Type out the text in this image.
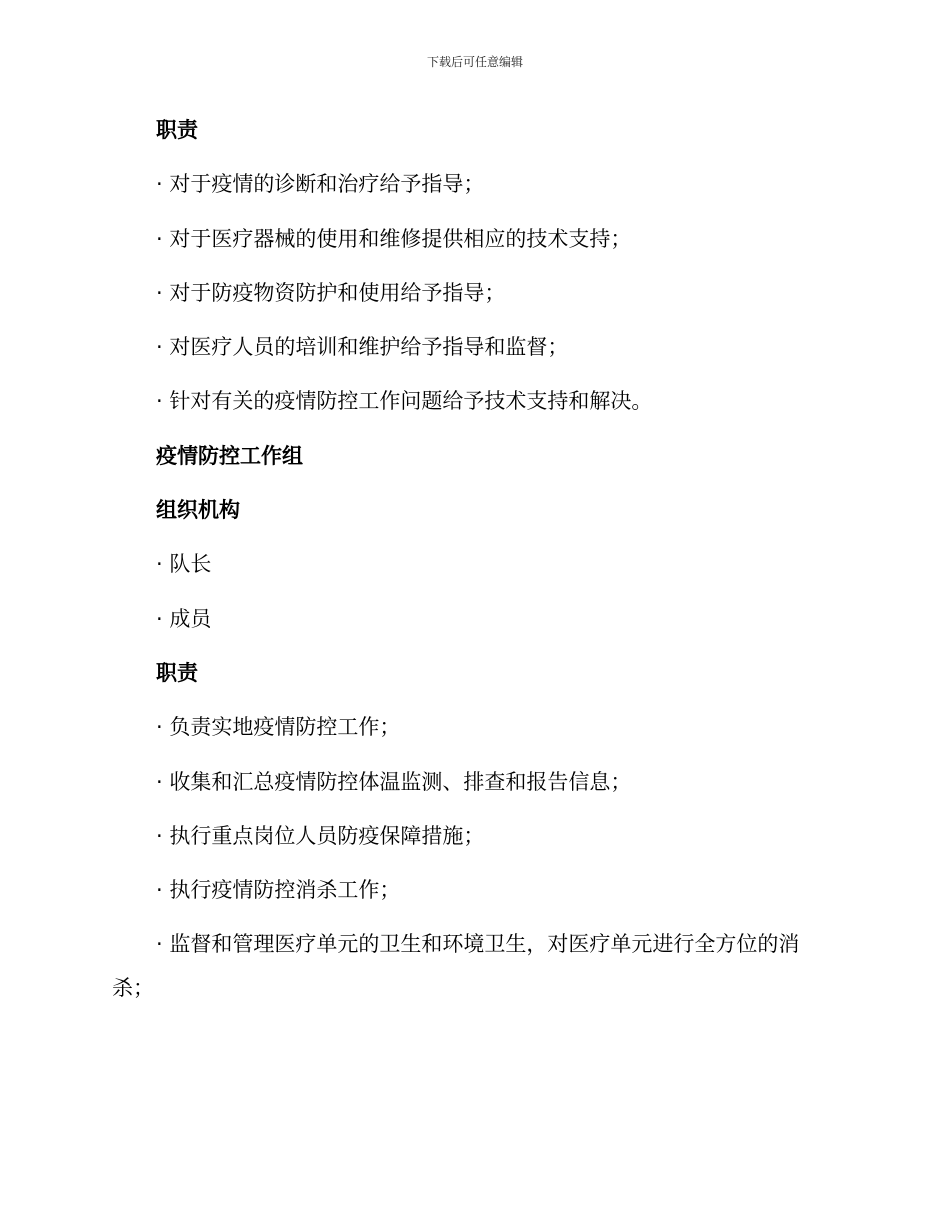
下载后可任意编辑
职责
· 对于疫情的诊断和治疗给予指导；
· 对于医疗器械的使用和维修提供相应的技术支持；
· 对于防疫物资防护和使用给予指导；
· 对医疗人员的培训和维护给予指导和监督；
· 针对有关的疫情防控工作问题给予技术支持和解决。
疫情防控工作组
组织机构
· 队长
· 成员
职责
· 负责实地疫情防控工作；
· 收集和汇总疫情防控体温监测、排查和报告信息；
· 执行重点岗位人员防疫保障措施；
· 执行疫情防控消杀工作；
· 监督和管理医疗单元的卫生和环境卫生，对医疗单元进行全方位的消杀；
